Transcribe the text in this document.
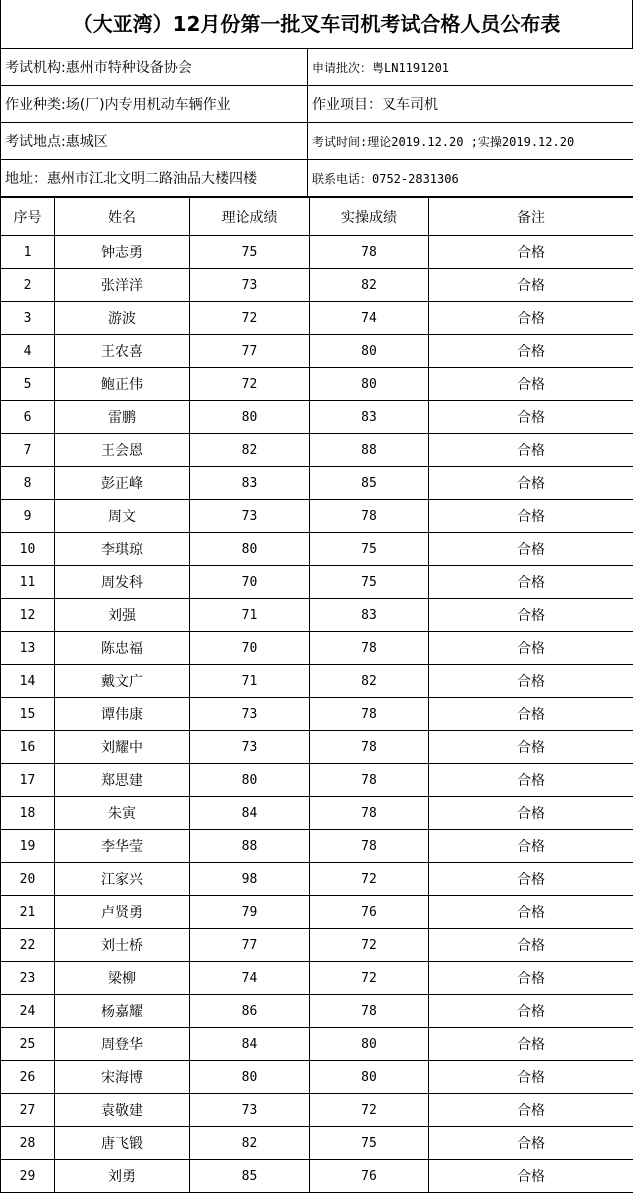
（大亚湾）12月份第一批叉车司机考试合格人员公布表
考试机构:惠州市特种设备协会	申请批次：粤LN1191201
作业种类:场(厂)内专用机动车辆作业	作业项目：叉车司机
考试地点:惠城区	考试时间:理论2019.12.20 ;实操2019.12.20
地址：惠州市江北文明二路油品大楼四楼	联系电话：0752-2831306
序号	姓名	理论成绩	实操成绩	备注
1	钟志勇	75	78	合格
2	张洋洋	73	82	合格
3	游波	72	74	合格
4	王农喜	77	80	合格
5	鲍正伟	72	80	合格
6	雷鹏	80	83	合格
7	王会恩	82	88	合格
8	彭正峰	83	85	合格
9	周文	73	78	合格
10	李琪琼	80	75	合格
11	周发科	70	75	合格
12	刘强	71	83	合格
13	陈忠福	70	78	合格
14	戴文广	71	82	合格
15	谭伟康	73	78	合格
16	刘耀中	73	78	合格
17	郑思建	80	78	合格
18	朱寅	84	78	合格
19	李华莹	88	78	合格
20	江家兴	98	72	合格
21	卢贤勇	79	76	合格
22	刘士桥	77	72	合格
23	梁柳	74	72	合格
24	杨嘉耀	86	78	合格
25	周登华	84	80	合格
26	宋海博	80	80	合格
27	袁敬建	73	72	合格
28	唐飞锻	82	75	合格
29	刘勇	85	76	合格
